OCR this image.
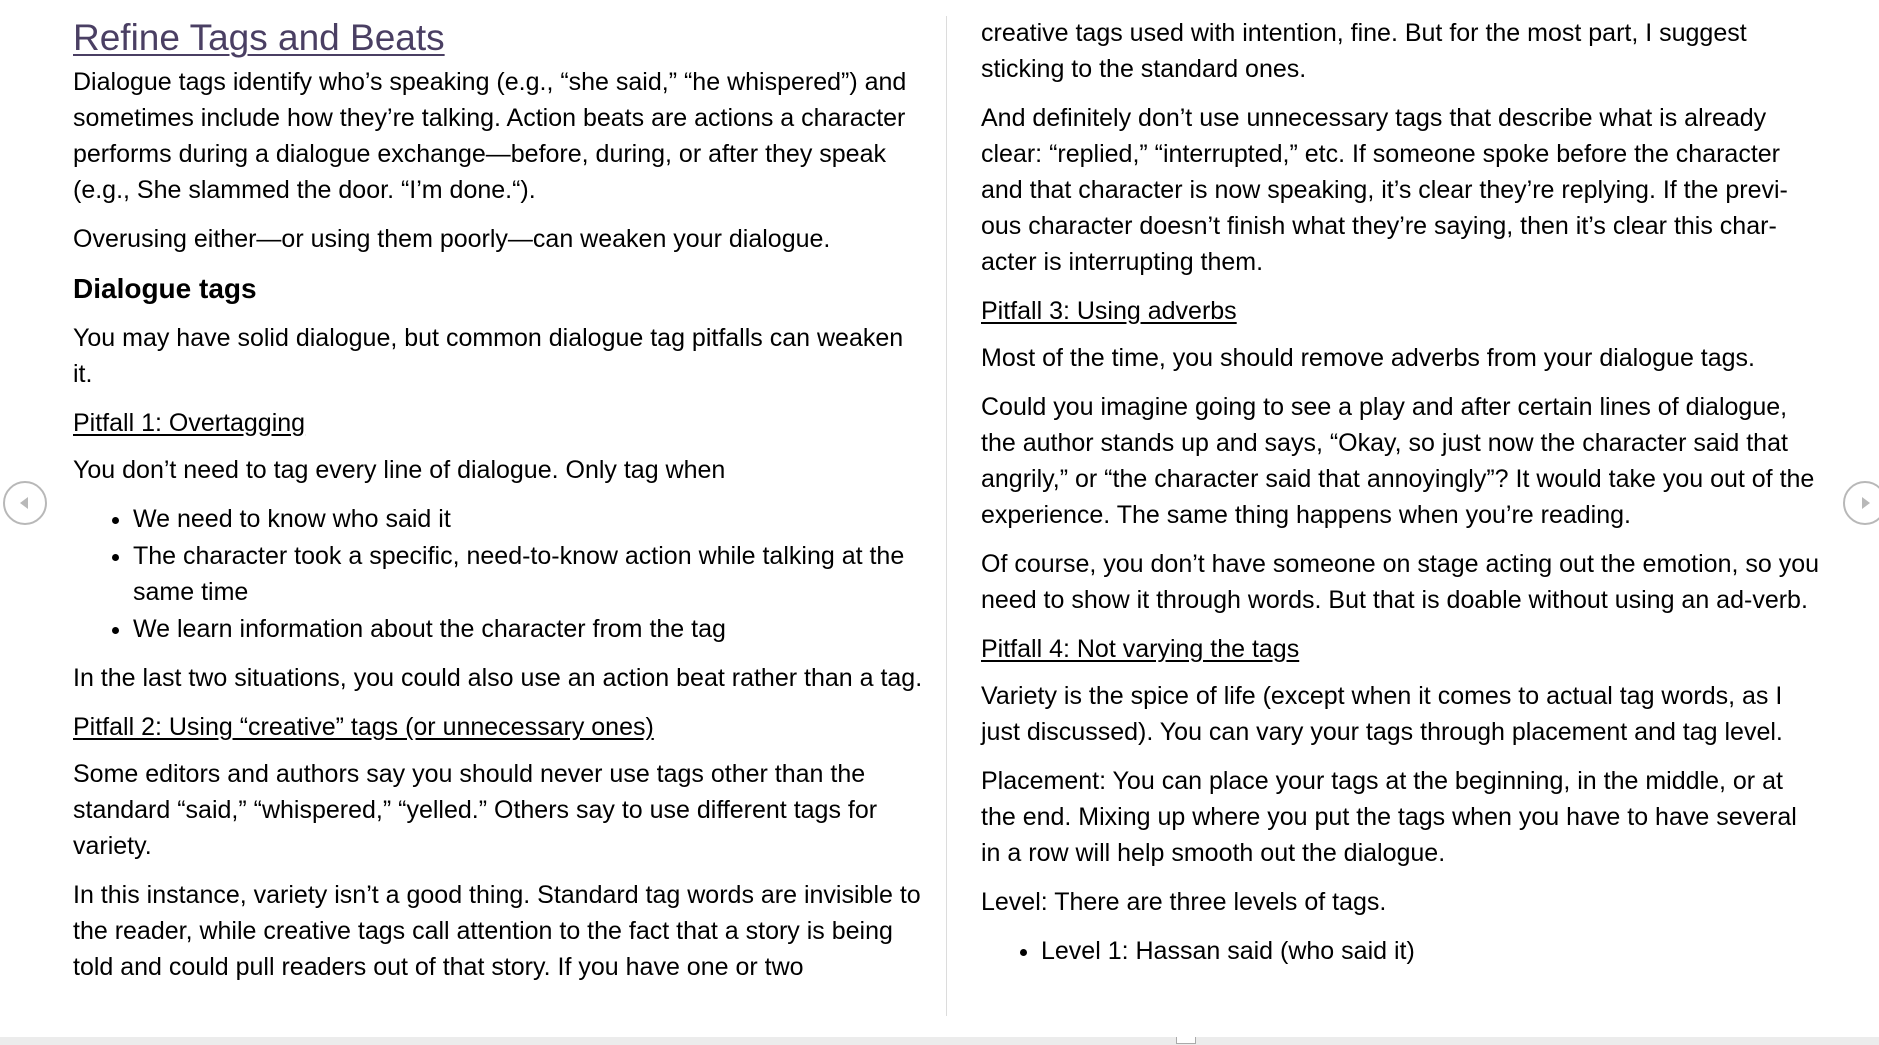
Refine Tags and Beats

Dialogue tags identify who’s speaking (e.g., “she said,” “he whispered”) and sometimes include how they’re talking. Action beats are actions a character performs during a dialogue exchange—before, during, or after they speak (e.g., She slammed the door. “I’m done.“).

Overusing either—or using them poorly—can weaken your dialogue.

Dialogue tags

You may have solid dialogue, but common dialogue tag pitfalls can weaken it.

Pitfall 1: Overtagging

You don’t need to tag every line of dialogue. Only tag when

• We need to know who said it
• The character took a specific, need-to-know action while talking at the same time
• We learn information about the character from the tag

In the last two situations, you could also use an action beat rather than a tag.

Pitfall 2: Using “creative” tags (or unnecessary ones)

Some editors and authors say you should never use tags other than the standard “said,” “whispered,” “yelled.” Others say to use different tags for variety.

In this instance, variety isn’t a good thing. Standard tag words are invisible to the reader, while creative tags call attention to the fact that a story is being told and could pull readers out of that story. If you have one or two

creative tags used with intention, fine. But for the most part, I suggest sticking to the standard ones.

And definitely don’t use unnecessary tags that describe what is already clear: “replied,” “interrupted,” etc. If someone spoke before the character and that character is now speaking, it’s clear they’re replying. If the previ-ous character doesn’t finish what they’re saying, then it’s clear this char-acter is interrupting them.

Pitfall 3: Using adverbs

Most of the time, you should remove adverbs from your dialogue tags.

Could you imagine going to see a play and after certain lines of dialogue, the author stands up and says, “Okay, so just now the character said that angrily,” or “the character said that annoyingly”? It would take you out of the experience. The same thing happens when you’re reading.

Of course, you don’t have someone on stage acting out the emotion, so you need to show it through words. But that is doable without using an ad-verb.

Pitfall 4: Not varying the tags

Variety is the spice of life (except when it comes to actual tag words, as I just discussed). You can vary your tags through placement and tag level.

Placement: You can place your tags at the beginning, in the middle, or at the end. Mixing up where you put the tags when you have to have several in a row will help smooth out the dialogue.

Level: There are three levels of tags.

• Level 1: Hassan said (who said it)
